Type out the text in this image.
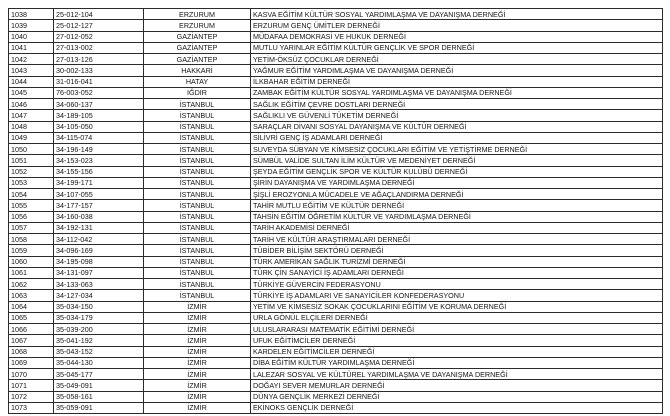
1038	25-012-104	ERZURUM	KASVA EĞİTİM KÜLTÜR SOSYAL YARDIMLAŞMA VE DAYANIŞMA DERNEĞİ
1039	25-012-127	ERZURUM	ERZURUM GENÇ ÜMİTLER DERNEĞİ
1040	27-012-052	GAZİANTEP	MÜDAFAA DEMOKRASİ VE HUKUK DERNEĞİ
1041	27-013-002	GAZİANTEP	MUTLU YARINLAR EĞİTİM KÜLTÜR GENÇLİK VE SPOR DERNEĞİ
1042	27-013-126	GAZİANTEP	YETİM-ÖKSÜZ ÇOCUKLAR DERNEĞİ
1043	30-002-133	HAKKARİ	YAĞMUR EĞİTİM YARDIMLAŞMA VE DAYANIŞMA DERNEĞİ
1044	31-016-041	HATAY	İLKBAHAR EĞİTİM DERNEĞİ
1045	76-003-052	IĞDIR	ZAMBAK EĞİTİM KÜLTÜR SOSYAL YARDIMLAŞMA VE DAYANIŞMA DERNEĞİ
1046	34-060-137	İSTANBUL	SAĞLIK EĞİTİM ÇEVRE DOSTLARI DERNEĞİ
1047	34-189-105	İSTANBUL	SAĞLIKLI VE GÜVENLİ TÜKETİM DERNEĞİ
1048	34-105-050	İSTANBUL	SARAÇLAR DİVANI SOSYAL DAYANIŞMA VE KÜLTÜR DERNEĞİ
1049	34-115-074	İSTANBUL	SİLİVRİ GENÇ İŞ ADAMLARI DERNEĞİ
1050	34-196-149	İSTANBUL	SUVEYDA SÜBYAN VE KİMSESİZ ÇOCUKLARI EĞİTİM VE YETİŞTİRME DERNEĞİ
1051	34-153-023	İSTANBUL	SÜMBÜL VALİDE SULTAN İLİM KÜLTÜR VE MEDENİYET DERNEĞİ
1052	34-155-156	İSTANBUL	ŞEYDA EĞİTİM GENÇLİK SPOR VE KÜLTÜR KULÜBÜ DERNEĞİ
1053	34-199-171	İSTANBUL	ŞİRİN DAYANIŞMA VE YARDIMLAŞMA DERNEĞİ
1054	34-107-055	İSTANBUL	ŞİŞLİ EROZYONLA MÜCADELE VE AĞAÇLANDIRMA DERNEĞİ
1055	34-177-157	İSTANBUL	TAHİR MUTLU EĞİTİM VE KÜLTÜR DERNEĞİ
1056	34-160-038	İSTANBUL	TAHSİN EĞİTİM ÖĞRETİM KÜLTÜR VE YARDIMLAŞMA DERNEĞİ
1057	34-192-131	İSTANBUL	TARİH AKADEMİSİ DERNEĞİ
1058	34-112-042	İSTANBUL	TARİH VE KÜLTÜR ARAŞTIRMALARI DERNEĞİ
1059	34-096-169	İSTANBUL	TÜBİDER BİLİŞİM SEKTÖRÜ DERNEĞİ
1060	34-195-098	İSTANBUL	TÜRK AMERİKAN SAĞLIK TURİZMİ DERNEĞİ
1061	34-131-097	İSTANBUL	TÜRK ÇİN SANAYİCİ İŞ ADAMLARI DERNEĞİ
1062	34-133-063	İSTANBUL	TÜRKİYE GÜVERCİN FEDERASYONU
1063	34-127-034	İSTANBUL	TÜRKİYE İŞ ADAMLARI VE SANAYİCİLER KONFEDERASYONU
1064	35-034-150	İZMİR	YETİM VE KİMSESİZ SOKAK ÇOCUKLARINI EĞİTİM VE KORUMA DERNEĞİ
1065	35-034-179	İZMİR	URLA GÖNÜL ELÇİLERİ DERNEĞİ
1066	35-039-200	İZMİR	ULUSLARARASI MATEMATİK EĞİTİMİ DERNEĞİ
1067	35-041-192	İZMİR	UFUK EĞİTİMCİLER DERNEĞİ
1068	35-043-152	İZMİR	KARDELEN EĞİTİMCİLER DERNEĞİ
1069	35-044-130	İZMİR	DİBA EĞİTİM KÜLTÜR YARDIMLAŞMA DERNEĞİ
1070	35-045-177	İZMİR	LALEZAR SOSYAL VE KÜLTÜREL YARDIMLAŞMA VE DAYANIŞMA DERNEĞİ
1071	35-049-091	İZMİR	DOĞAYI SEVER MEMURLAR DERNEĞİ
1072	35-058-161	İZMİR	DÜNYA GENÇLİK MERKEZİ DERNEĞİ
1073	35-059-091	İZMİR	EKİNOKS GENÇLİK DERNEĞİ
